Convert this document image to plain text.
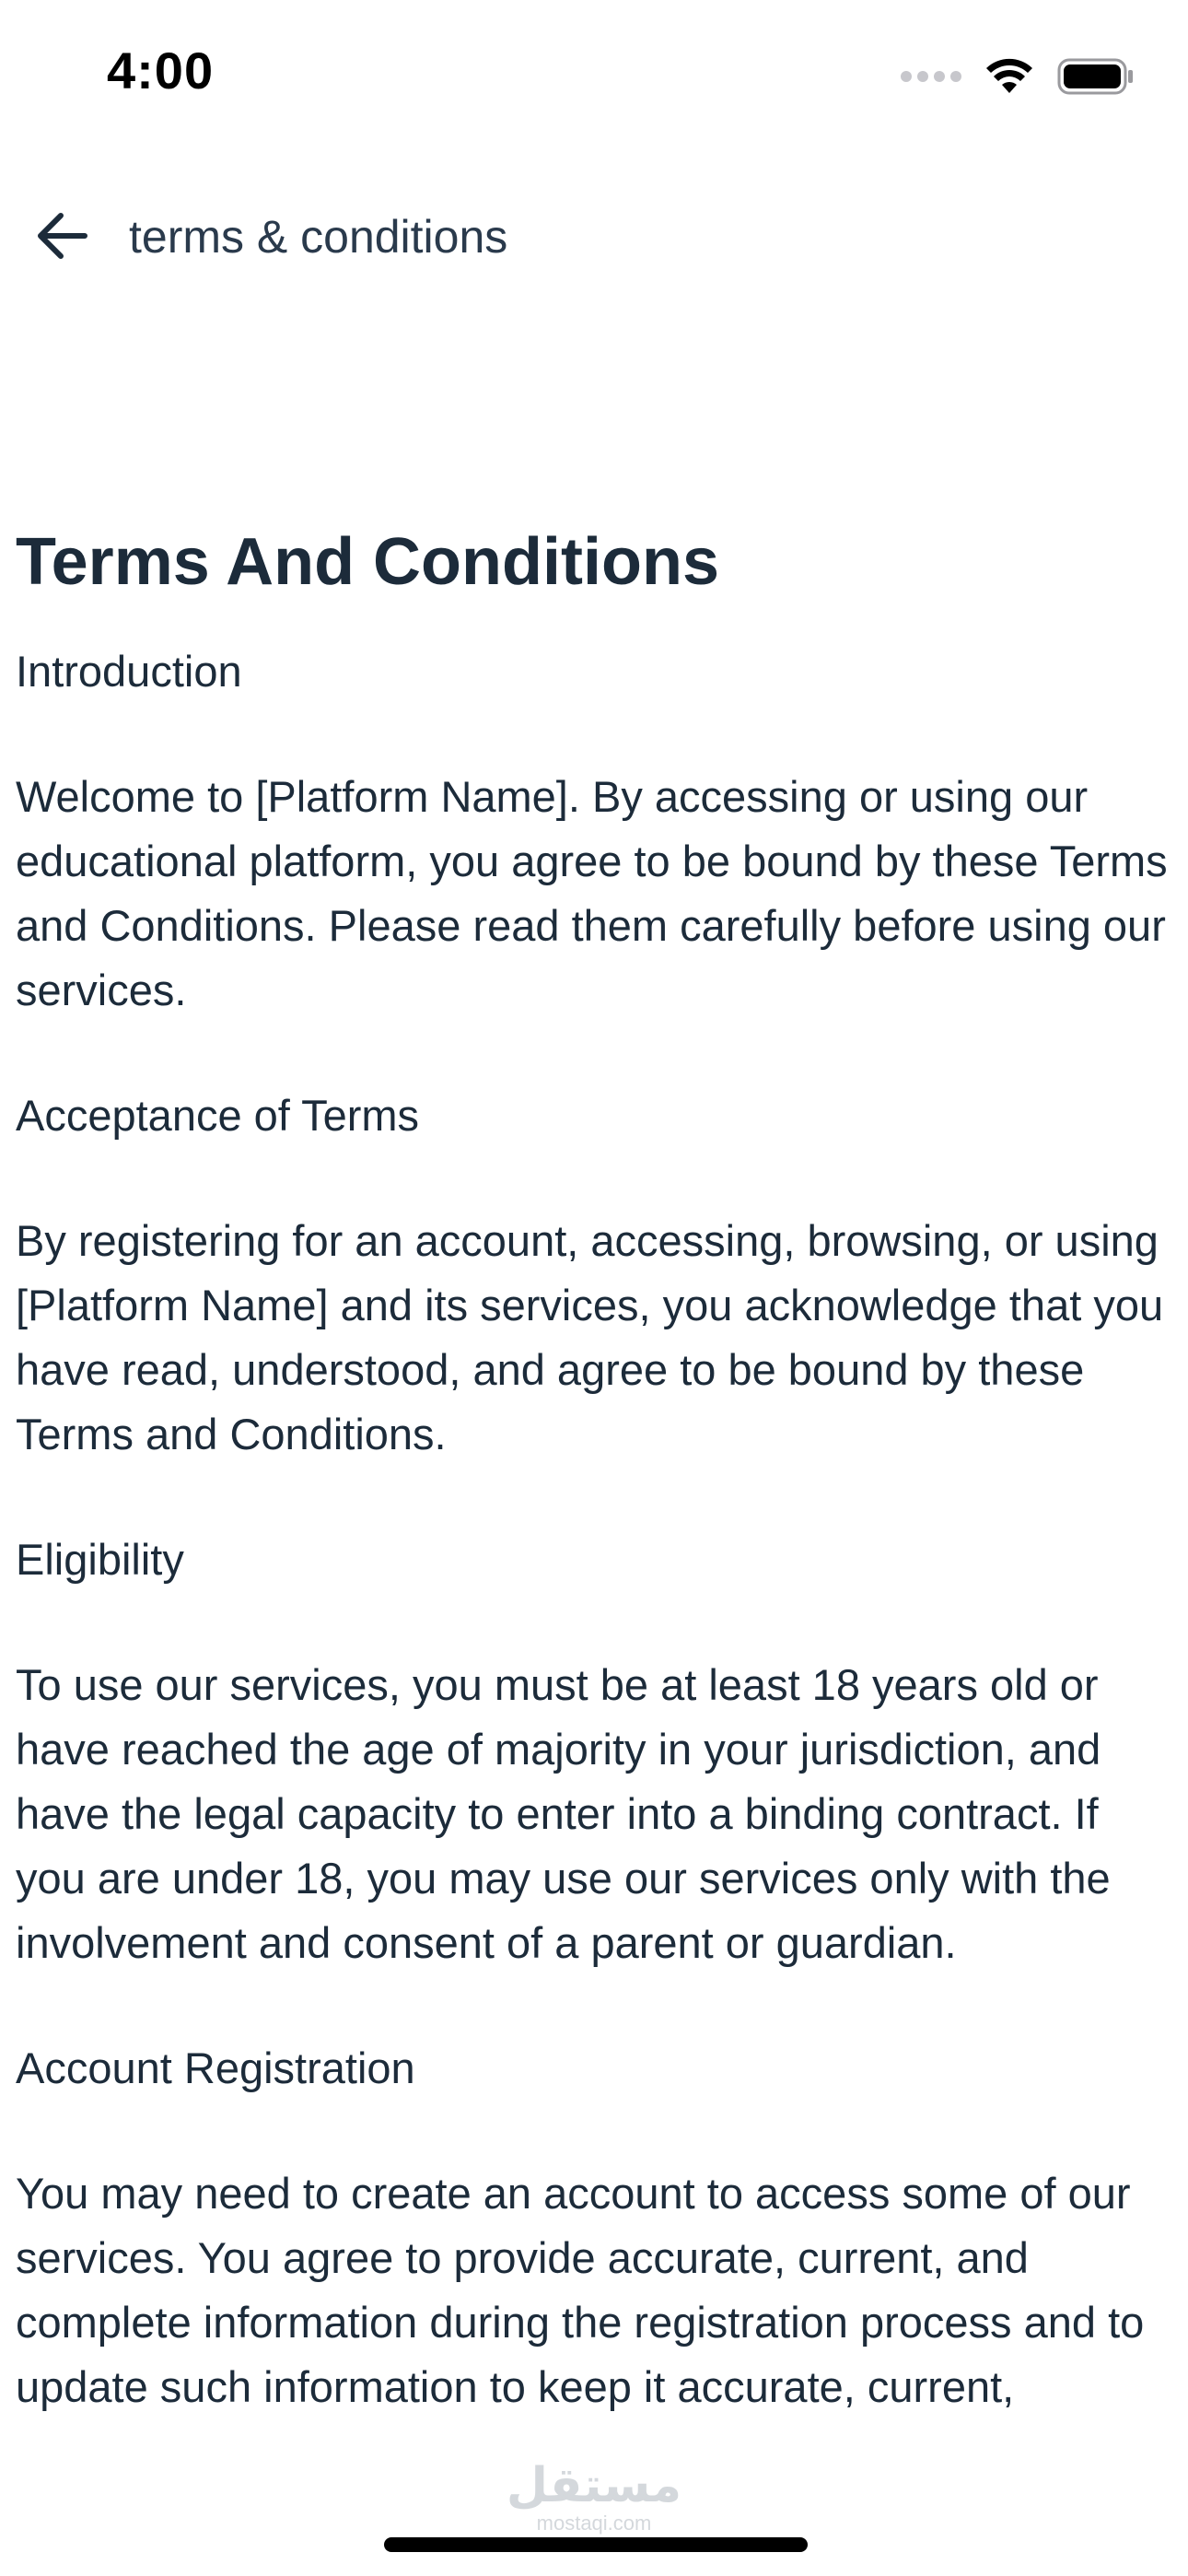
4:00
terms & conditions
Terms And Conditions

Introduction

Welcome to [Platform Name]. By accessing or using our educational platform, you agree to be bound by these Terms and Conditions. Please read them carefully before using our services.

Acceptance of Terms

By registering for an account, accessing, browsing, or using [Platform Name] and its services, you acknowledge that you have read, understood, and agree to be bound by these Terms and Conditions.

Eligibility

To use our services, you must be at least 18 years old or have reached the age of majority in your jurisdiction, and have the legal capacity to enter into a binding contract. If you are under 18, you may use our services only with the involvement and consent of a parent or guardian.

Account Registration

You may need to create an account to access some of our services. You agree to provide accurate, current, and complete information during the registration process and to update such information to keep it accurate, current,

مستقل
mostaqi.com
